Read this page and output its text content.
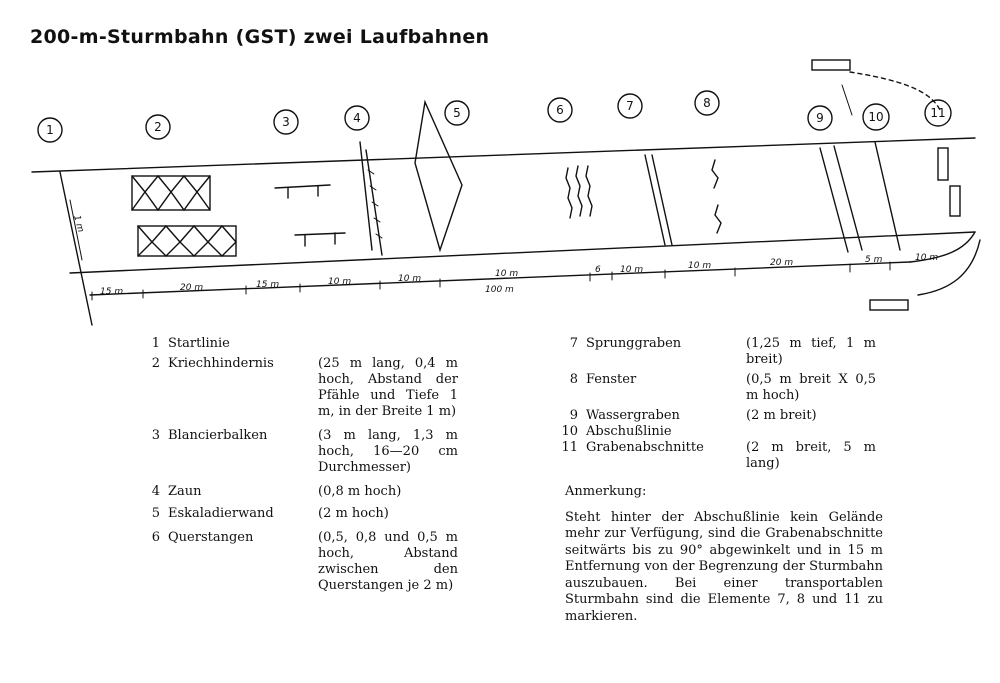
200-m-Sturmbahn (GST) zwei Laufbahnen
1	2	3	4	5	6	7	8
9	10	11
1 m
15 m	20 m	15 m	10 m	10 m	10 m	6 10 m	10 m	20 m	5 m	10 m
100 m
1 Startlinie
2 Kriechhindernis	(25 m lang, 0,4 m hoch, Abstand der Pfähle und Tiefe 1 m, in der Breite 1 m)
3 Blancierbalken	(3 m lang, 1,3 m hoch, 16—20 cm Durchmesser)
4 Zaun	(0,8 m hoch)
5 Eskaladierwand	(2 m hoch)
6 Querstangen	(0,5, 0,8 und 0,5 m hoch, Abstand zwischen den Querstangen je 2 m)
7 Sprunggraben	(1,25 m tief, 1 m breit)
8 Fenster	(0,5 m breit X 0,5 m hoch)
9 Wassergraben	(2 m breit)
10 Abschußlinie
11 Grabenabschnitte	(2 m breit, 5 m lang)
Anmerkung:
Steht hinter der Abschußlinie kein Gelände mehr zur Verfügung, sind die Grabenabschnitte seitwärts bis zu 90° abgewinkelt und in 15 m Entfernung von der Begrenzung der Sturmbahn auszubauen. Bei einer transportablen Sturmbahn sind die Elemente 7, 8 und 11 zu markieren.
